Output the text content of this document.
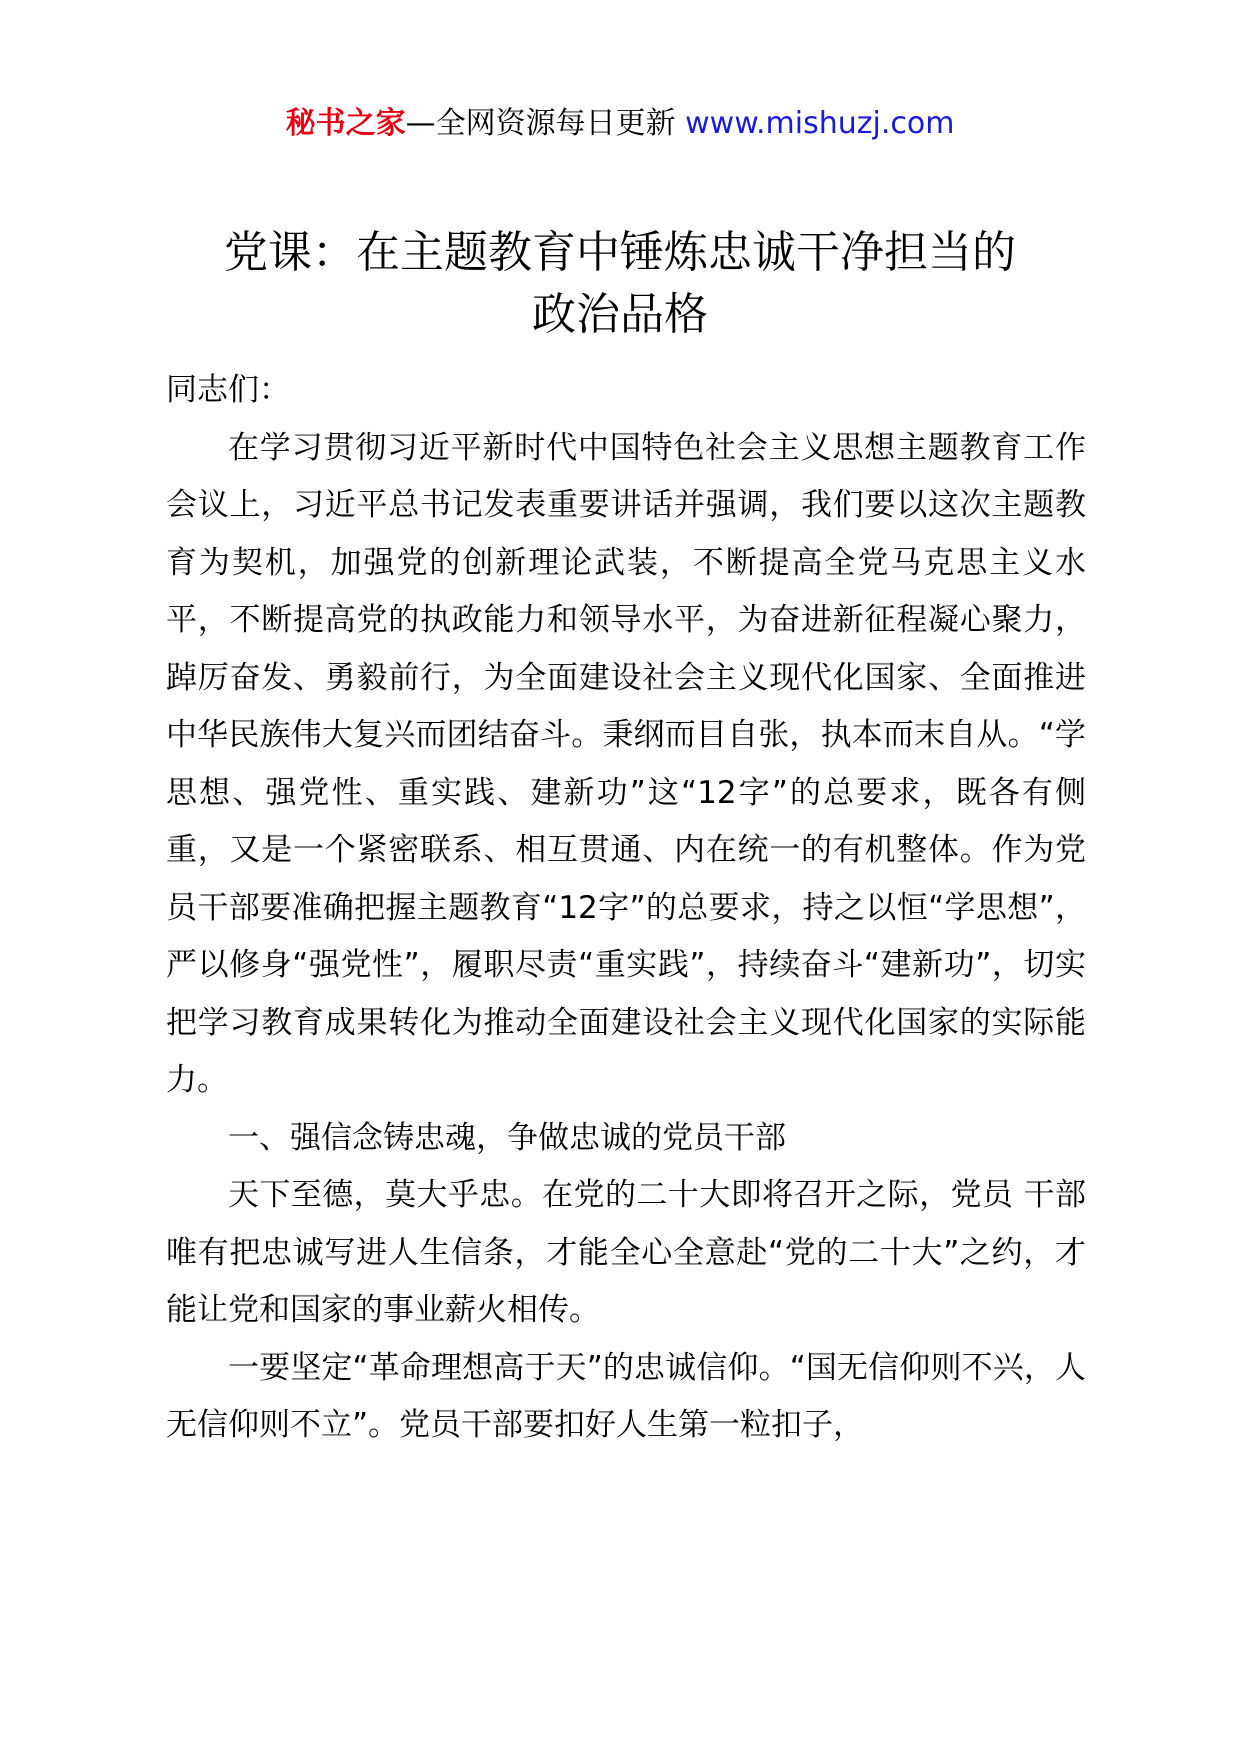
秘书之家—全网资源每日更新 www.mishuzj.com
党课：在主题教育中锤炼忠诚干净担当的
政治品格

同志们：

在学习贯彻习近平新时代中国特色社会主义思想主题教育工作会议上，习近平总书记发表重要讲话并强调，我们要以这次主题教育为契机，加强党的创新理论武装，不断提高全党马克思主义水平，不断提高党的执政能力和领导水平，为奋进新征程凝心聚力，踔厉奋发、勇毅前行，为全面建设社会主义现代化国家、全面推进中华民族伟大复兴而团结奋斗。秉纲而目自张，执本而末自从。“学思想、强党性、重实践、建新功”这“12字”的总要求，既各有侧重，又是一个紧密联系、相互贯通、内在统一的有机整体。作为党员干部要准确把握主题教育“12字”的总要求，持之以恒“学思想”，严以修身“强党性”，履职尽责“重实践”，持续奋斗“建新功”，切实把学习教育成果转化为推动全面建设社会主义现代化国家的实际能力。

一、强信念铸忠魂，争做忠诚的党员干部

天下至德，莫大乎忠。在党的二十大即将召开之际，党员 干部唯有把忠诚写进人生信条，才能全心全意赴“党的二十大”之约，才能让党和国家的事业薪火相传。

一要坚定“革命理想高于天”的忠诚信仰。“国无信仰则不兴，人无信仰则不立”。党员干部要扣好人生第一粒扣子，
